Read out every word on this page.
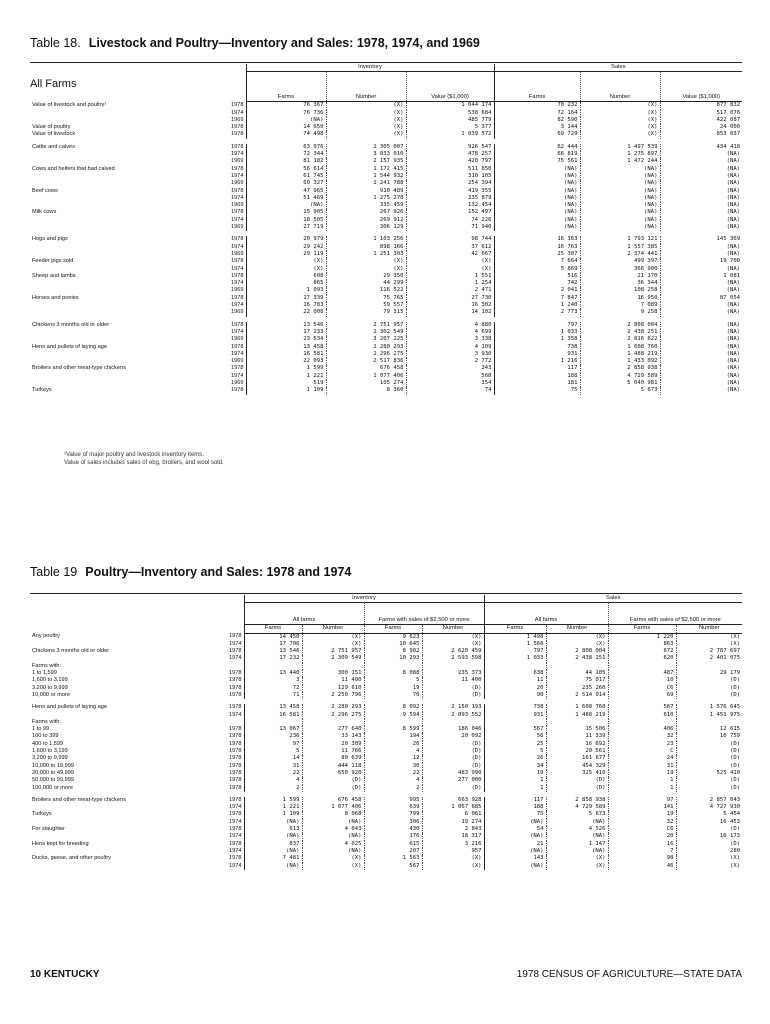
Table 18. Livestock and Poultry—Inventory and Sales: 1978, 1974, and 1969
All Farms
		Inventory			Sales		
		Farms	Number	Value ($1,000)	Farms	Number	Value ($1,000)
Value of livestock and poultry¹	1978	76 367	(X)	1 044 174	70 232	(X)	877 832
	1974	76 736	(X)	538 684	72 164	(X)	517 076
	1969	(NA)	(X)	485 779	82 590	(X)	422 087
Value of poultry	1978	14 650	(X)	5 377	3 144	(X)	24 000
Value of livestock	1978	74 498	(X)	1 039 572	69 729	(X)	853 037

Cattle and calves	1978	63 976	2 305 007	926 547	62 444	1 497 539	434 418
	1974	72 344	3 033 010	478 257	66 819	1 275 897	(NA)
	1969	81 102	2 157 935	420 797	75 561	1 472 244	(NA)
Cows and heifers that had calved	1978	56 614	1 172 415	511 850	(NA)	(NA)	(NA)
	1974	61 745	1 544 932	310 105	(NA)	(NA)	(NA)
	1969	60 327	1 241 788	254 394	(NA)	(NA)	(NA)
Beef cows	1978	47 965	910 489	419 355	(NA)	(NA)	(NA)
	1974	51 469	1 275 278	335 879	(NA)	(NA)	(NA)
	1969	(NA)	335 459	132 454	(NA)	(NA)	(NA)
Milk cows	1978	15 905	267 926	152 497	(NA)	(NA)	(NA)
	1974	18 505	269 912	74 226	(NA)	(NA)	(NA)
	1969	27 719	306 129	71 940	(NA)	(NA)	(NA)

Hogs and pigs	1978	20 979	1 103 256	98 744	16 363	1 793 121	145 369
	1974	29 242	898 166	37 612	16 763	1 557 385	(NA)
	1969	29 119	1 251 303	42 667	25 307	2 374 441	(NA)
Feeder pigs sold	1978	(X)	(X)	(X)	7 664	499 397	19 700
	1974	(X)	(X)	(X)	5 869	366 900	(NA)
Sheep and lambs	1978	608	29 350	1 551	516	21 170	1 081
	1974	865	44 299	1 254	742	36 344	(NA)
	1969	1 093	116 522	2 471	2 041	108 258	(NA)
Horses and ponies	1978	17 339	75 765	27 730	7 847	16 950	87 054
	1974	16 783	59 557	16 302	1 240	7 089	(NA)
	1969	22 008	79 315	14 102	2 773	9 258	(NA)

Chickens 3 months old or older	1978	13 546	2 751 957	4 880	797	2 808 004	(NA)
	1974	17 233	2 302 549	4 699	1 033	2 438 251	(NA)
	1969	23 534	3 207 225	3 338	1 358	2 816 622	(NA)
Hens and pullets of laying age	1978	13 458	2 280 293	4 109	738	1 608 760	(NA)
	1974	16 581	2 296 275	3 930	931	1 488 219	(NA)
	1969	22 093	2 517 836	2 772	1 216	1 433 092	(NA)
Broilers and other meat-type chickens	1978	1 599	676 458	343	117	2 858 938	(NA)
	1974	1 221	1 077 406	560	188	4 729 589	(NA)
	1969	519	105 274	354	181	5 040 981	(NA)
Turkeys	1978	1 109	8 360	74	75	5 673	(NA)
¹Value of major poultry and livestock inventory items.
Value of sales includes sales of ebg, broilers, and wool sold.
Table 19 Poultry—Inventory and Sales: 1978 and 1974
		Inventory				Sales			
		All farms		Farms with sales of $2,500 or more		All farms		Farms with sales of $2,500 or more	
		Farms	Number	Farms	Number	Farms	Number	Farms	Number
Any poultry	1978	14 450	(X)	9 623	(X)	1 498	(X)	1 220	(X)
	1974	17 706	(X)	10 645	(X)	1 566	(X)	863	(X)
Chickens 3 months old or older	1978	13 546	2 751 957	8 902	2 620 459	797	2 808 004	672	2 787 697
	1974	17 232	2 309 549	10 293	2 593 598	1 033	2 438 251	620	2 401 075
Farms with:									
1 to 1,599	1978	13 440	300 151	8 088	235 373	638	44 105	487	29 179
1,600 to 3,199	1978	3	11 400	5	11 400	11	75 017	10	(D)
3,200 to 9,999	1978	72	129 610	19	(D)	20	235 260	C6	(D)
10,000 or more	1978	71	2 250 796	70	(D)	90	2 514 014	69	(D)

Hens and pullets of laying age	1978	13 458	2 280 293	8 092	2 150 193	738	1 608 760	567	1 576 645
	1974	16 581	2 296 275	9 594	2 093 552	931	1 488 219	610	1 451 975
Farms with:									
1 to 99	1978	13 067	277 640	8 599	186 046	567	15 506	406	12 615
100 to 399	1978	236	33 143	194	20 092	56	11 339	32	10 759
400 to 1,599	1978	97	20 309	26	(D)	25	16 692	23	(D)
1,600 to 3,199	1978	5	11 766	4	(D)	5	20 561	C	(D)
3,200 to 9,999	1978	14	80 639	12	(D)	26	161 677	24	(D)
10,000 to 19,999	1978	31	444 118	30	(D)	34	454 329	31	(D)
20,000 to 49,999	1978	22	650 920	22	483 990	19	325 410	19	525 410
50,000 to 99,999	1978	4	(D)	4	277 000	1	(D)	1	(D)
100,000 or more	1978	2	(D)	2	(D)	1	(D)	1	(D)

Broilers and other meat-type chickens	1978	1 599	676 458	995	663 928	117	2 858 938	97	2 857 043
	1974	1 221	1 077 406	639	1 067 685	188	4 729 589	141	4 727 930
Turkeys	1978	1 109	8 068	799	6 061	75	5 673	19	5 454
	1974	(NA)	(NA)	306	19 274	(NA)	(NA)	32	16 453
For slaughter	1978	613	4 043	430	2 843	54	4 526	C6	(D)
	1974	(NA)	(NA)	176	18 317	(NA)	(NA)	20	16 173
Hens kept for breeding	1978	837	4 025	615	3 216	21	1 147	16	(D)
	1974	(NA)	(NA)	207	957	(NA)	(NA)	7	280
Ducks, geese, and other poultry	1978	7 481	(X)	1 563	(X)	143	(X)	98	(X)
	1974	(NA)	(X)	567	(X)	(NA)	(X)	46	(X)
10 KENTUCKY	1978 CENSUS OF AGRICULTURE—STATE DATA
